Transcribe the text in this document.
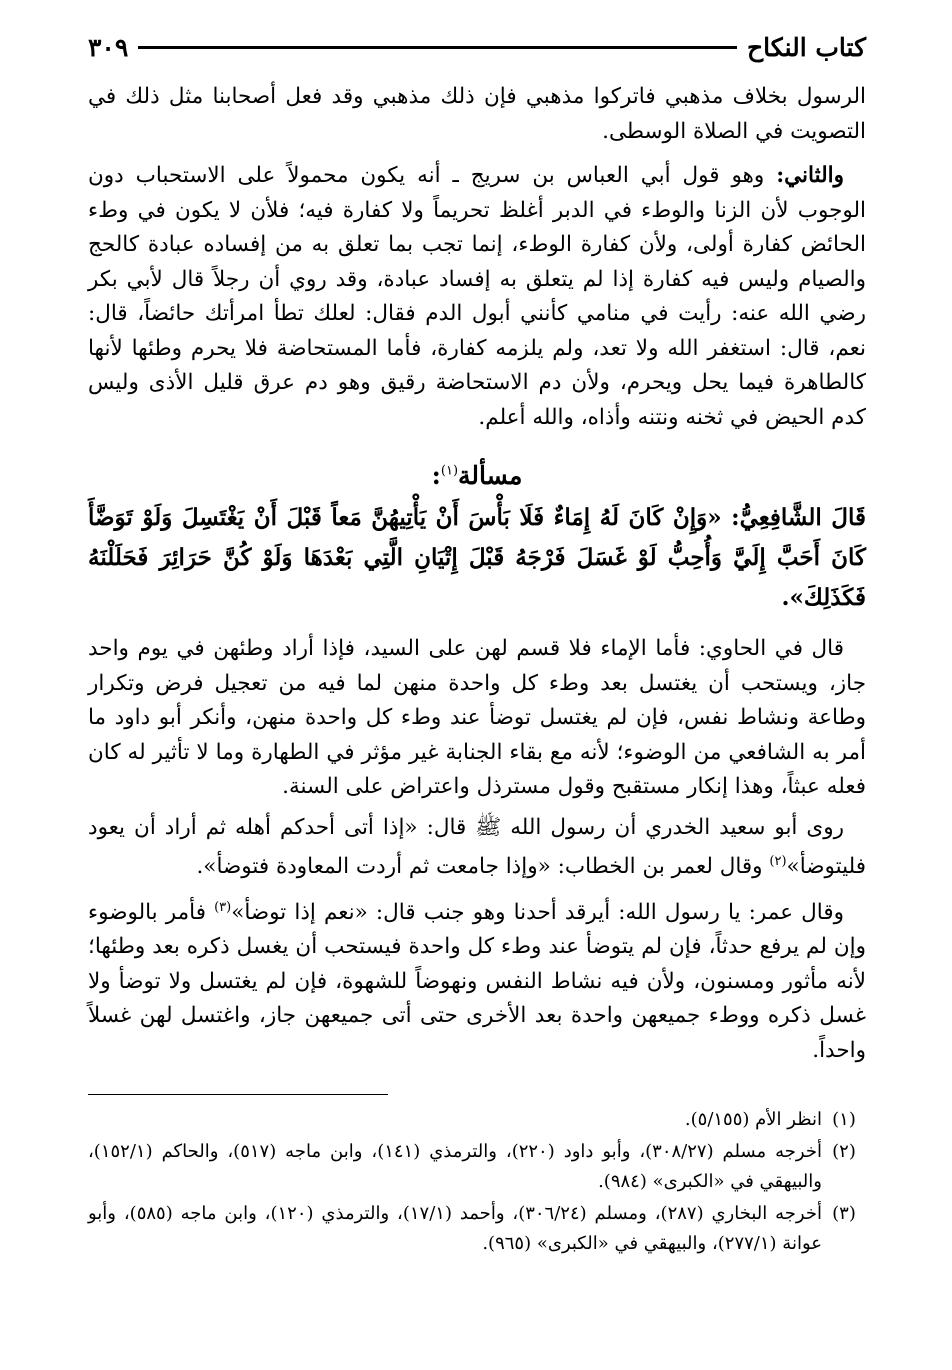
كتاب النكاح
٣٠٩

الرسول بخلاف مذهبي فاتركوا مذهبي فإن ذلك مذهبي وقد فعل أصحابنا مثل ذلك في التصويت في الصلاة الوسطى.

والثاني: وهو قول أبي العباس بن سريج ـ أنه يكون محمولاً على الاستحباب دون الوجوب لأن الزنا والوطء في الدبر أغلظ تحريماً ولا كفارة فيه؛ فلأن لا يكون في وطء الحائض كفارة أولى، ولأن كفارة الوطء، إنما تجب بما تعلق به من إفساده عبادة كالحج والصيام وليس فيه كفارة إذا لم يتعلق به إفساد عبادة، وقد روي أن رجلاً قال لأبي بكر رضي الله عنه: رأيت في منامي كأنني أبول الدم فقال: لعلك تطأ امرأتك حائضاً، قال: نعم، قال: استغفر الله ولا تعد، ولم يلزمه كفارة، فأما المستحاضة فلا يحرم وطئها لأنها كالطاهرة فيما يحل ويحرم، ولأن دم الاستحاضة رقيق وهو دم عرق قليل الأذى وليس كدم الحيض في ثخنه ونتنه وأذاه، والله أعلم.

مسألة$^{(١)}$:

قَالَ الشَّافِعِيُّ: «وَإِنْ كَانَ لَهُ إِمَاءٌ فَلَا بَأْسَ أَنْ يَأْتِيهُنَّ مَعاً قَبْلَ أَنْ يَغْتَسِلَ وَلَوْ تَوَضَّأَ كَانَ أَحَبَّ إِلَيَّ وَأُحِبُّ لَوْ غَسَلَ فَرْجَهُ قَبْلَ إِتْيَانِ الَّتِي بَعْدَهَا وَلَوْ كُنَّ حَرَائِرَ فَحَلَلْنَهُ فَكَذَلِكَ».

قال في الحاوي: فأما الإماء فلا قسم لهن على السيد، فإذا أراد وطئهن في يوم واحد جاز، ويستحب أن يغتسل بعد وطء كل واحدة منهن لما فيه من تعجيل فرض وتكرار وطاعة ونشاط نفس، فإن لم يغتسل توضأ عند وطء كل واحدة منهن، وأنكر أبو داود ما أمر به الشافعي من الوضوء؛ لأنه مع بقاء الجنابة غير مؤثر في الطهارة وما لا تأثير له كان فعله عبثاً، وهذا إنكار مستقبح وقول مسترذل واعتراض على السنة.

روى أبو سعيد الخدري أن رسول الله ﷺ قال: «إذا أتى أحدكم أهله ثم أراد أن يعود فليتوضأ»$^{(٢)}$ وقال لعمر بن الخطاب: «وإذا جامعت ثم أردت المعاودة فتوضأ».

وقال عمر: يا رسول الله: أيرقد أحدنا وهو جنب قال: «نعم إذا توضأ»$^{(٣)}$ فأمر بالوضوء وإن لم يرفع حدثاً، فإن لم يتوضأ عند وطء كل واحدة فيستحب أن يغسل ذكره بعد وطئها؛ لأنه مأثور ومسنون، ولأن فيه نشاط النفس ونهوضاً للشهوة، فإن لم يغتسل ولا توضأ ولا غسل ذكره ووطء جميعهن واحدة بعد الأخرى حتى أتى جميعهن جاز، واغتسل لهن غسلاً واحداً.

(١)
انظر الأم (٥/١٥٥).
(٢)
أخرجه مسلم (٣٠٨/٢٧)، وأبو داود (٢٢٠)، والترمذي (١٤١)، وابن ماجه (٥١٧)، والحاكم (١٥٢/١)، والبيهقي في «الكبرى» (٩٨٤).
(٣)
أخرجه البخاري (٢٨٧)، ومسلم (٣٠٦/٢٤)، وأحمد (١٧/١)، والترمذي (١٢٠)، وابن ماجه (٥٨٥)، وأبو عوانة (٢٧٧/١)، والبيهقي في «الكبرى» (٩٦٥).
